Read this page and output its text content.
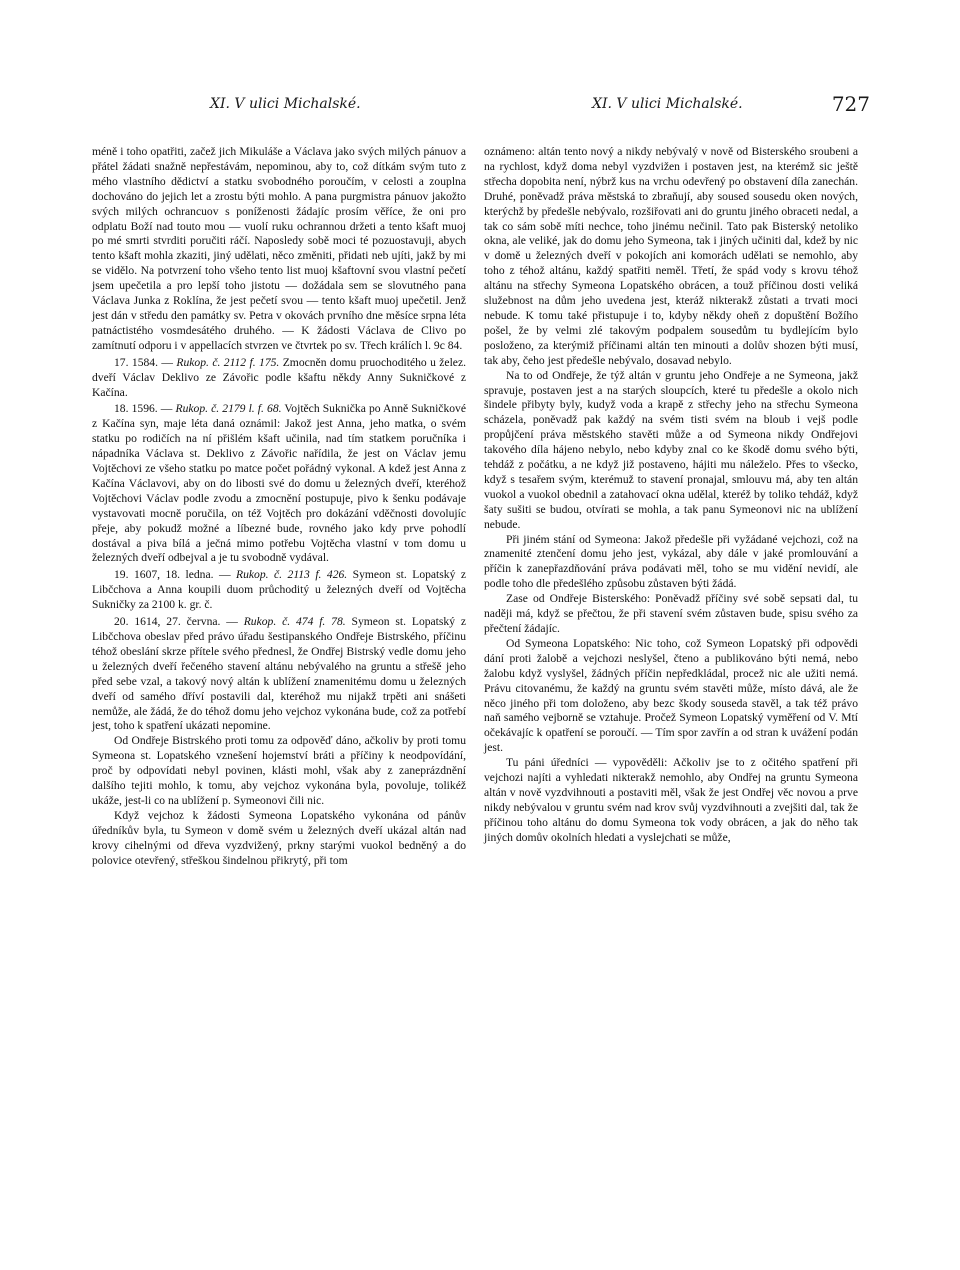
XI. V ulici Michalské.	XI. V ulici Michalské.	727

méně i toho opatřiti, začež jich Mikuláše a Václava jako svých milých pánuov a přátel žádati snažně nepřestávám, nepominou, aby to, což dítkám svým tuto z mého vlastního dědictví a statku svobodného poroučím, v celosti a zouplna dochováno do jejich let a zrostu býti mohlo. A pana purgmistra pánuov jakožto svých milých ochrancuov s poníženosti žádajíc prosím věříce, že oni pro odplatu Boží nad touto mou — vuolí ruku ochrannou držeti a tento kšaft muoj po mé smrti stvrditi poručiti ráčí. Naposledy sobě moci té pozuostavuji, abych tento kšaft mohla zkaziti, jiný udělati, něco změniti, přidati neb ujíti, jakž by mi se vidělo. Na potvrzení toho všeho tento list muoj kšaftovní svou vlastní pečetí jsem upečetila a pro lepší toho jistotu — dožádala sem se slovutného pana Václava Junka z Roklína, že jest pečetí svou — tento kšaft muoj upečetil. Jenž jest dán v středu den památky sv. Petra v okovách prvního dne měsíce srpna léta patnáctistého vosmdesátého druhého. — K žádosti Václava de Clivo po zamítnutí odporu i v appellacích stvrzen ve čtvrtek po sv. Třech králích l. 9c 84.

17. 1584. — Rukop. č. 2112 f. 175. Zmocněn domu pruochoditého u želez. dveří Václav Deklivo ze Závořic podle kšaftu někdy Anny Sukničkové z Kačína.

18. 1596. — Rukop. č. 2179 l. f. 68. Vojtěch Suknička po Anně Sukničkové z Kačína syn, maje léta daná oznámil: Jakož jest Anna, jeho matka, o svém statku po rodičích na ní přišlém kšaft učinila, nad tím statkem poručníka i nápadníka Václava st. Deklivo z Závořic nařídila, že jest on Václav jemu Vojtěchovi ze všeho statku po matce počet pořádný vykonal. A kdež jest Anna z Kačína Václavovi, aby on do libosti své do domu u železných dveří, kteréhož Vojtěchovi Václav podle zvodu a zmocnění postupuje, pivo k šenku podávaje vystavovati mocně poručila, on též Vojtěch pro dokázání vděčnosti dovolujíc přeje, aby pokudž možné a líbezné bude, rovného jako kdy prve pohodlí dostával a piva bílá a ječná mimo potřebu Vojtěcha vlastní v tom domu u železných dveří odbejval a je tu svobodně vydával.

19. 1607, 18. ledna. — Rukop. č. 2113 f. 426. Symeon st. Lopatský z Libčchova a Anna koupili duom průchoditý u železných dveří od Vojtěcha Sukničky za 2100 k. gr. č.

20. 1614, 27. června. — Rukop. č. 474 f. 78. Symeon st. Lopatský z Libčchova obeslav před právo úřadu šestipanského Ondřeje Bistrského, příčinu téhož obeslání skrze přítele svého přednesl, že Ondřej Bistrský vedle domu jeho u železných dveří řečeného stavení altánu nebývalého na gruntu a střešě jeho před sebe vzal, a takový nový altán k ublížení znamenitému domu u železných dveří od samého dříví postavili dal, kteréhož mu nijakž trpěti ani snášeti nemůže, ale žádá, že do téhož domu jeho vejchoz vykonána bude, což za potřebí jest, toho k spatření ukázati nepomine.

Od Ondřeje Bistrského proti tomu za odpověď dáno, ačkoliv by proti tomu Symeona st. Lopatského vznešení hojemství bráti a příčiny k neodpovídání, proč by odpovídati nebyl povinen, klásti mohl, však aby z zaneprázdnění dalšího tejiti mohlo, k tomu, aby vejchoz vykonána byla, povoluje, tolikéž ukáže, jest-li co na ublížení p. Symeonovi čili nic.

Když vejchoz k žádosti Symeona Lopatského vykonána od pánův úředníkův byla, tu Symeon v domě svém u železných dveří ukázal altán nad krovy cihelnými od dřeva vyzdvižený, prkny starými vuokol bedněný a do polovice otevřený, střeškou šindelnou přikrytý, při tom

oznámeno: altán tento nový a nikdy nebývalý v nově od Bisterského sroubeni a na rychlost, když doma nebyl vyzdvižen i postaven jest, na kterémž sic ještě střecha dopobita není, nýbrž kus na vrchu odevřený po obstavení díla zanechán. Druhé, poněvadž práva městská to zbraňují, aby soused sousedu oken nových, kterýchž by předešle nebývalo, rozšiřovati ani do gruntu jiného obraceti nedal, a tak co sám sobě míti nechce, toho jinému nečinil. Tato pak Bisterský netoliko okna, ale veliké, jak do domu jeho Symeona, tak i jiných učiniti dal, kdež by nic v domě u železných dveří v pokojích ani komorách udělati se nemohlo, aby toho z téhož altánu, každý spatřiti neměl. Třetí, že spád vody s krovu téhož altánu na střechy Symeona Lopatského obrácen, a touž příčinou dosti veliká služebnost na dům jeho uvedena jest, kteráž nikterakž zůstati a trvati moci nebude. K tomu také přistupuje i to, kdyby někdy oheň z dopuštění Božího pošel, že by velmi zlé takovým podpalem sousedům tu bydlejícím bylo posloženo, za kterýmiž příčinami altán ten minouti a dolův shozen býti musí, tak aby, čeho jest předešle nebývalo, dosavad nebylo.

Na to od Ondřeje, že týž altán v gruntu jeho Ondřeje a ne Symeona, jakž spravuje, postaven jest a na starých sloupcích, které tu předešle a okolo nich šindele přibyty byly, kudyž voda a krapě z střechy jeho na střechu Symeona scházela, poněvadž pak každý na svém tisti svém na bloub i vejš podle propůjčení práva městského stavěti může a od Symeona nikdy Ondřejovi takového díla hájeno nebylo, nebo kdyby znal co ke škodě domu svého býti, tehdáž z počátku, a ne když již postaveno, hájiti mu náleželo. Přes to všecko, když s tesařem svým, kterémuž to stavení pronajal, smlouvu má, aby ten altán vuokol a vuokol obednil a zatahovací okna udělal, kteréž by toliko tehdáž, když šaty sušiti se budou, otvírati se mohla, a tak panu Symeonovi nic na ublížení nebude.

Při jiném stání od Symeona: Jakož předešle při vyžádané vejchozi, což na znamenité ztenčení domu jeho jest, vykázal, aby dále v jaké promlouvání a příčin k zanepřazdňování práva podávati měl, toho se mu vidění nevidí, ale podle toho dle předešlého způsobu zůstaven býti žádá.

Zase od Ondřeje Bisterského: Poněvadž příčiny své sobě sepsati dal, tu naději má, když se přečtou, že při stavení svém zůstaven bude, spisu svého za přečtení žádajíc.

Od Symeona Lopatského: Nic toho, což Symeon Lopatský při odpovědi dání proti žalobě a vejchozi neslyšel, čteno a publikováno býti nemá, nebo žalobu když vyslyšel, žádných příčin nepředkládal, procež nic ale užiti nemá. Právu citovanému, že každý na gruntu svém stavěti může, místo dává, ale že něco jiného při tom doloženo, aby bezc škody souseda stavěl, a tak též právo naň samého vejborně se vztahuje. Pročež Symeon Lopatský vyměření od V. Mtí očekávajíc k opatření se poroučí. — Tím spor zavřín a od stran k uvážení podán jest.

Tu páni úředníci — vypověděli: Ačkoliv jse to z očitého spatření při vejchozi najíti a vyhledati nikterakž nemohlo, aby Ondřej na gruntu Symeona altán v nově vyzdvihnouti a postaviti měl, však že jest Ondřej věc novou a prve nikdy nebývalou v gruntu svém nad krov svůj vyzdvihnouti a zvejšiti dal, tak že příčinou toho altánu do domu Symeona tok vody obrácen, a jak do něho tak jiných domův okolních hledati a vyslejchati se může,
